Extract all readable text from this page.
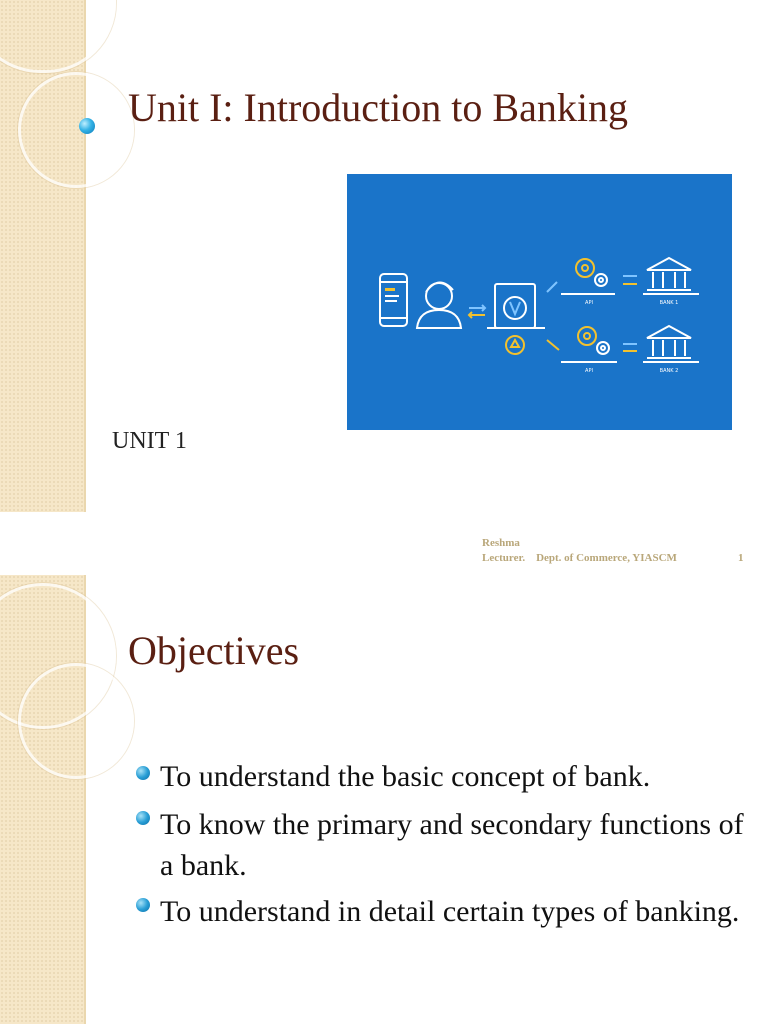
Unit I: Introduction to Banking
API
API
BANK 1
BANK 2
UNIT 1
Reshma
Lecturer.    Dept. of Commerce, YIASCM	1
Objectives
To understand the basic concept of bank.
To know the primary and secondary functions of a bank.
To understand in detail certain types of banking.
